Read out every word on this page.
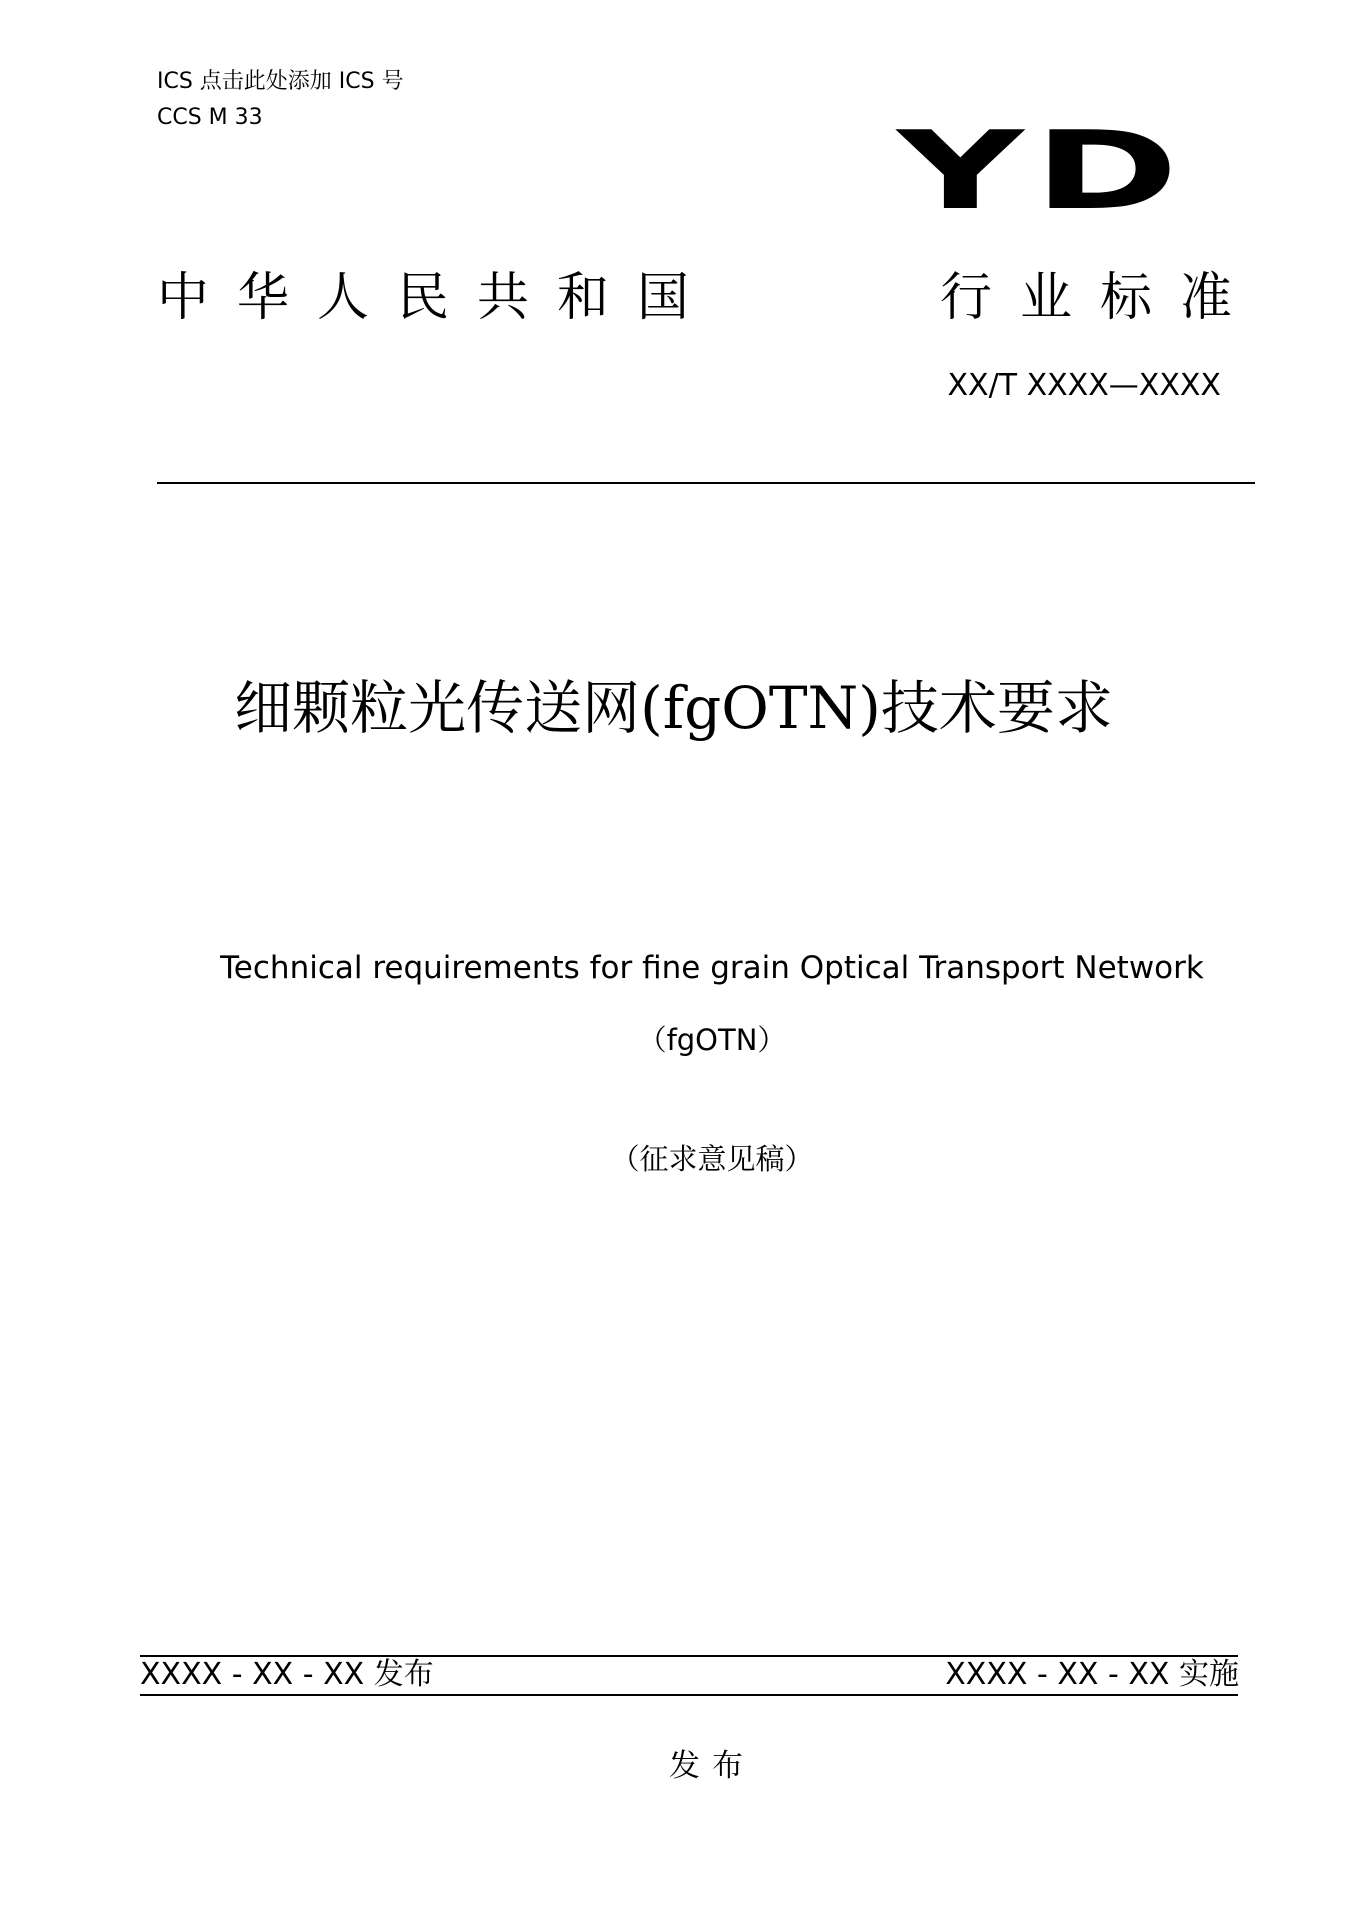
ICS 点击此处添加 ICS 号
CCS M 33	YD
中华人民共和国	行业标准
XX/T XXXX—XXXX
细颗粒光传送网(fgOTN)技术要求
Technical requirements for fine grain Optical Transport Network
（fgOTN）
（征求意见稿）
XXXX - XX - XX 发布	XXXX - XX - XX 实施
发布
